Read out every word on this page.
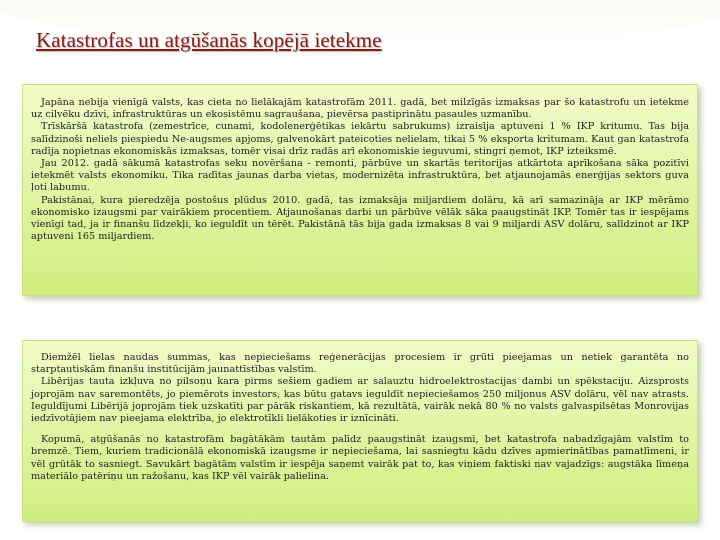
Katastrofas un atgūšanās kopējā ietekme

Japāna nebija vienīgā valsts, kas cieta no lielākajām katastrofām 2011. gadā, bet milzīgās izmaksas par šo katastrofu un ietekme uz cilvēku dzīvi, infrastruktūras un ekosistēmu sagraušana, pievērsa pastiprinātu pasaules uzmanību.

Trīskāršā katastrofa (zemestrīce, cunami, kodolenerģētikas iekārtu sabrukums) izraisīja aptuveni 1 % IKP kritumu. Tas bija salīdzinoši neliels piespiedu Ne-augsmes apjoms, galvenokārt pateicoties nelielam, tikai 5 % eksporta kritumam. Kaut gan katastrofa radīja nopietnas ekonomiskās izmaksas, tomēr visai drīz radās arī ekonomiskie ieguvumi, stingri ņemot, IKP izteiksmē.

Jau 2012. gadā sākumā katastrofas seku novēršana - remonti, pārbūve un skartās teritorijas atkārtota aprīkošana sāka pozitīvi ietekmēt valsts ekonomiku. Tika radītas jaunas darba vietas, modernizēta infrastruktūra, bet atjaunojamās enerģijas sektors guva ļoti labumu.

Pakistānai, kura pieredzēja postošus plūdus 2010. gadā, tas izmaksāja miljardiem dolāru, kā arī samazināja ar IKP mērāmo ekonomisko izaugsmi par vairākiem procentiem. Atjaunošanas darbi un pārbūve vēlāk sāka paaugstināt IKP. Tomēr tas ir iespējams vienīgi tad, ja ir finanšu līdzekļi, ko ieguldīt un tērēt. Pakistānā tās bija gada izmaksas 8 vai 9 miljardi ASV dolāru, salīdzinot ar IKP aptuveni 165 miljardiem.

Diemžēl lielas naudas summas, kas nepieciešams reģenerācijas procesiem ir grūti pieejamas un netiek garantēta no starptautiskām finanšu institūcijām jaunattīstības valstīm.

Libērijas tauta izkļuva no pilsoņu kara pirms sešiem gadiem ar salauztu hidroelektrostacijas dambi un spēkstaciju. Aizsprosts joprojām nav saremontēts, jo piemērots investors, kas būtu gatavs ieguldīt nepieciešamos 250 miljonus ASV dolāru, vēl nav atrasts. Ieguldījumi Libērijā joprojām tiek uzskatīti par pārāk riskantiem, kā rezultātā, vairāk nekā 80 % no valsts galvaspilsētas Monrovijas iedzīvotājiem nav pieejama elektrība, jo elektrotīkli lielākoties ir iznīcināti.

Kopumā, atgūšanās no katastrofām bagātākām tautām palīdz paaugstināt izaugsmi, bet katastrofa nabadzīgajām valstīm to bremzē. Tiem, kuriem tradicionālā ekonomiskā izaugsme ir nepieciešama, lai sasniegtu kādu dzīves apmierinātības pamatlīmeni, ir vēl grūtāk to sasniegt. Savukārt bagātām valstīm ir iespēja saņemt vairāk pat to, kas viņiem faktiski nav vajadzīgs: augstāka līmeņa materiālo patēriņu un ražošanu, kas IKP vēl vairāk palielina.
